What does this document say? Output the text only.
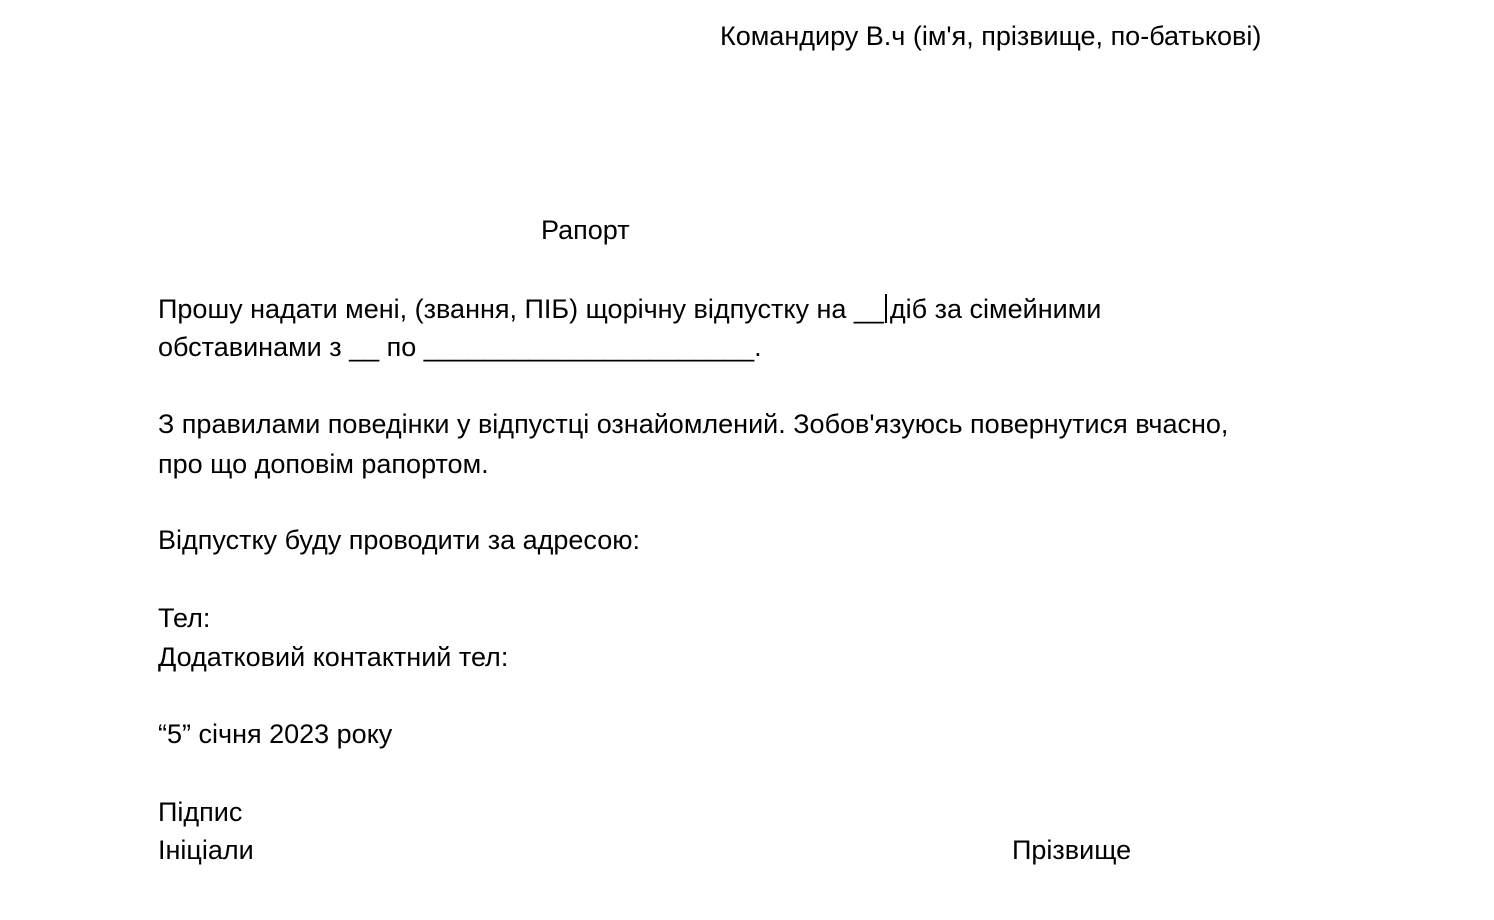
Командиру В.ч (ім'я, прізвище, по-батькові)
Рапорт
Прошу надати мені, (звання, ПІБ) щорічну відпустку на __ діб за сімейними
обставинами з __ по ______________________.
З правилами поведінки у відпустці ознайомлений. Зобов'язуюсь повернутися вчасно,
про що доповім рапортом.
Відпустку буду проводити за адресою:
Тел:
Додатковий контактний тел:
“5” січня 2023 року
Підпис
Ініціали	Прізвище
